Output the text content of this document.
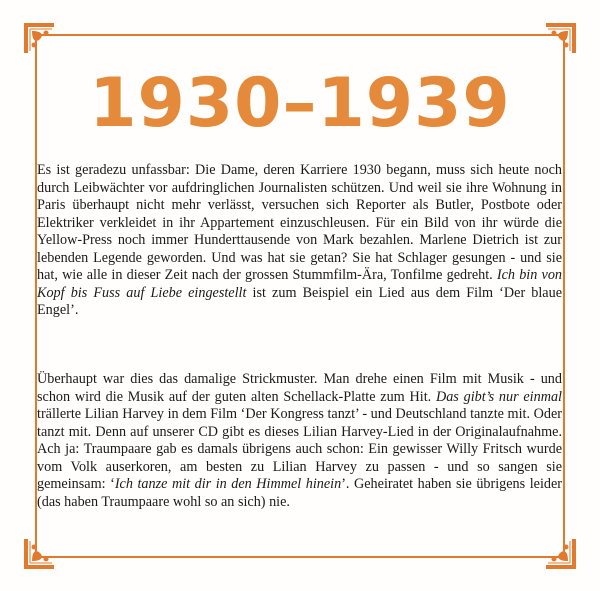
1930–1939

Es ist geradezu unfassbar: Die Dame, deren Karriere 1930 begann, muss sich heute noch durch Leibwächter vor aufdringlichen Journalisten schützen. Und weil sie ihre Wohnung in Paris überhaupt nicht mehr verlässt, versuchen sich Reporter als Butler, Postbote oder Elektriker verkleidet in ihr Appartement einzuschleusen. Für ein Bild von ihr würde die Yellow-Press noch immer Hunderttausende von Mark bezahlen. Marlene Dietrich ist zur lebenden Legende geworden. Und was hat sie getan? Sie hat Schlager gesungen - und sie hat, wie alle in dieser Zeit nach der grossen Stummfilm-Ära, Tonfilme gedreht. Ich bin von Kopf bis Fuss auf Liebe eingestellt ist zum Beispiel ein Lied aus dem Film ‘Der blaue Engel’.

Überhaupt war dies das damalige Strickmuster. Man drehe einen Film mit Musik - und schon wird die Musik auf der guten alten Schellack-Platte zum Hit. Das gibt’s nur einmal trällerte Lilian Harvey in dem Film ‘Der Kongress tanzt’ - und Deutschland tanzte mit. Oder tanzt mit. Denn auf unserer CD gibt es dieses Lilian Harvey-Lied in der Originalaufnahme. Ach ja: Traumpaare gab es damals übrigens auch schon: Ein gewisser Willy Fritsch wurde vom Volk auserkoren, am besten zu Lilian Harvey zu passen - und so sangen sie gemeinsam: ‘Ich tanze mit dir in den Himmel hinein’. Geheiratet haben sie übrigens leider (das haben Traumpaare wohl so an sich) nie.
